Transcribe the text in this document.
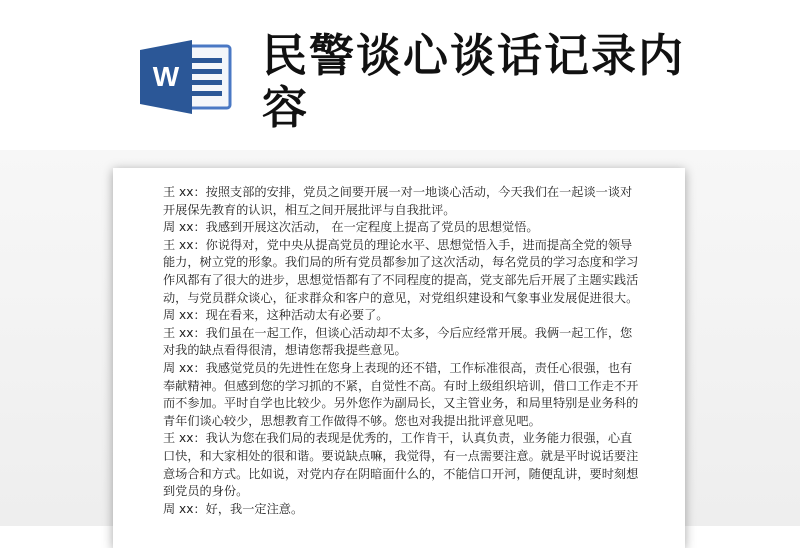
W 民警谈心谈话记录内容

王 xx：按照支部的安排，党员之间要开展一对一地谈心活动，今天我们在一起谈一谈对开展保先教育的认识，相互之间开展批评与自我批评。

周 xx：我感到开展这次活动， 在一定程度上提高了党员的思想觉悟。

王 xx：你说得对，党中央从提高党员的理论水平、思想觉悟入手，进而提高全党的领导能力，树立党的形象。我们局的所有党员都参加了这次活动，每名党员的学习态度和学习作风都有了很大的进步，思想觉悟都有了不同程度的提高，党支部先后开展了主题实践活动，与党员群众谈心，征求群众和客户的意见，对党组织建设和气象事业发展促进很大。

周 xx：现在看来，这种活动太有必要了。

王 xx：我们虽在一起工作，但谈心活动却不太多，今后应经常开展。我俩一起工作，您对我的缺点看得很清，想请您帮我提些意见。

周 xx：我感觉党员的先进性在您身上表现的还不错，工作标准很高，责任心很强，也有奉献精神。但感到您的学习抓的不紧，自觉性不高。有时上级组织培训，借口工作走不开而不参加。平时自学也比较少。另外您作为副局长，又主管业务，和局里特别是业务科的青年们谈心较少，思想教育工作做得不够。您也对我提出批评意见吧。

王 xx：我认为您在我们局的表现是优秀的，工作肯干，认真负责，业务能力很强，心直口快，和大家相处的很和谐。要说缺点嘛，我觉得，有一点需要注意。就是平时说话要注意场合和方式。比如说，对党内存在阴暗面什么的，不能信口开河，随便乱讲，要时刻想到党员的身份。

周 xx：好，我一定注意。
